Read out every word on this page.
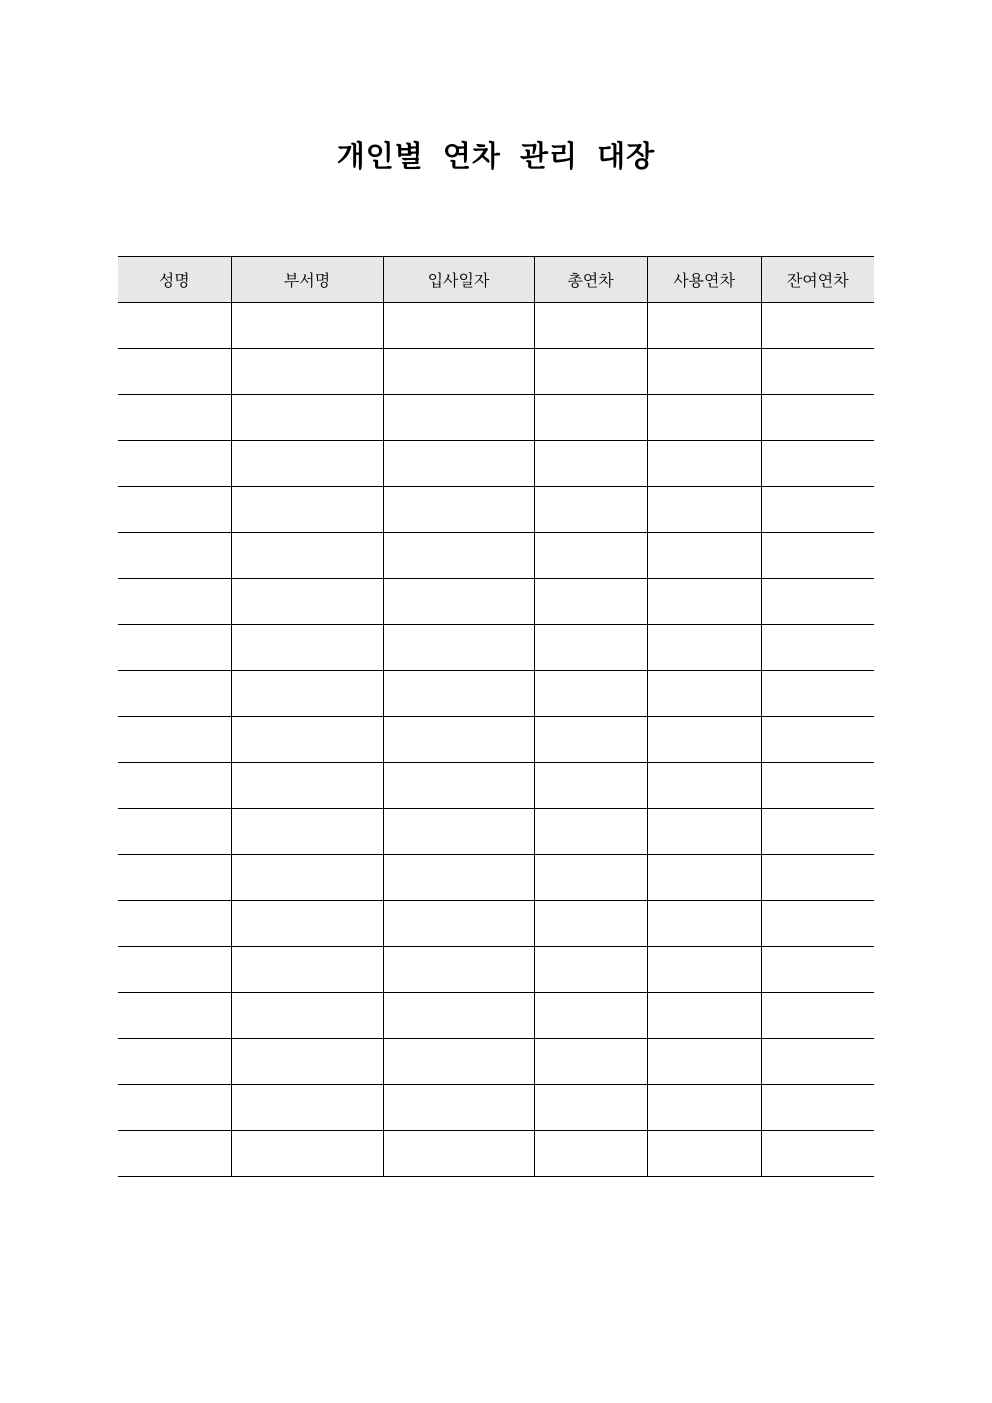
개인별 연차 관리 대장
성명	부서명	입사일자	총연차	사용연차	잔여연차
